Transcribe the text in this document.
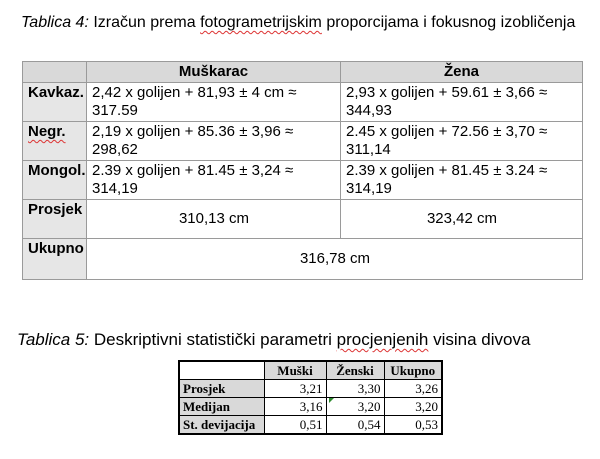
Tablica 4: Izračun prema fotogrametrijskim proporcijama i fokusnog izobličenja
	Muškarac	Žena
Kavkaz.	2,42 x golijen + 81,93 ± 4 cm ≈ 317.59	2,93 x golijen + 59.61 ± 3,66 ≈ 344,93
Negr.	2,19 x golijen + 85.36 ± 3,96 ≈ 298,62	2.45 x golijen + 72.56 ± 3,70 ≈ 311,14
Mongol.	2.39 x golijen + 81.45 ± 3,24 ≈ 314,19	2.39 x golijen + 81.45 ± 3.24 ≈ 314,19
Prosjek	310,13 cm	323,42 cm
Ukupno	316,78 cm	
Tablica 5: Deskriptivni statistički parametri procjenjenih visina divova
	Muški	Ženski	Ukupno
Prosjek	3,21	3,30	3,26
Medijan	3,16	3,20	3,20
St. devijacija	0,51	0,54	0,53
